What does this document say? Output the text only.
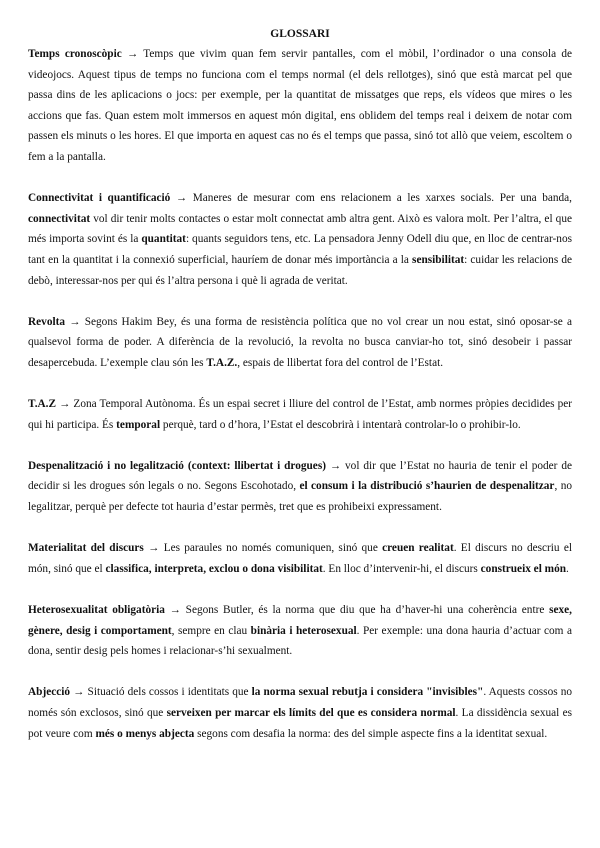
GLOSSARI

Temps cronoscòpic → Temps que vivim quan fem servir pantalles, com el mòbil, l’ordinador o una consola de videojocs. Aquest tipus de temps no funciona com el temps normal (el dels rellotges), sinó que està marcat pel que passa dins de les aplicacions o jocs: per exemple, per la quantitat de missatges que reps, els vídeos que mires o les accions que fas. Quan estem molt immersos en aquest món digital, ens oblidem del temps real i deixem de notar com passen els minuts o les hores. El que importa en aquest cas no és el temps que passa, sinó tot allò que veiem, escoltem o fem a la pantalla.

Connectivitat i quantificació → Maneres de mesurar com ens relacionem a les xarxes socials. Per una banda, connectivitat vol dir tenir molts contactes o estar molt connectat amb altra gent. Això es valora molt. Per l’altra, el que més importa sovint és la quantitat: quants seguidors tens, etc. La pensadora Jenny Odell diu que, en lloc de centrar-nos tant en la quantitat i la connexió superficial, hauríem de donar més importància a la sensibilitat: cuidar les relacions de debò, interessar-nos per qui és l’altra persona i què li agrada de veritat.

Revolta → Segons Hakim Bey, és una forma de resistència política que no vol crear un nou estat, sinó oposar-se a qualsevol forma de poder. A diferència de la revolució, la revolta no busca canviar-ho tot, sinó desobeir i passar desapercebuda. L’exemple clau són les T.A.Z., espais de llibertat fora del control de l’Estat.

T.A.Z → Zona Temporal Autònoma. És un espai secret i lliure del control de l’Estat, amb normes pròpies decidides per qui hi participa. És temporal perquè, tard o d’hora, l’Estat el descobrirà i intentarà controlar-lo o prohibir-lo.

Despenalització i no legalització (context: llibertat i drogues) → vol dir que l’Estat no hauria de tenir el poder de decidir si les drogues són legals o no. Segons Escohotado, el consum i la distribució s’haurien de despenalitzar, no legalitzar, perquè per defecte tot hauria d’estar permès, tret que es prohibeixi expressament.

Materialitat del discurs → Les paraules no només comuniquen, sinó que creuen realitat. El discurs no descriu el món, sinó que el classifica, interpreta, exclou o dona visibilitat. En lloc d’intervenir-hi, el discurs construeix el món.

Heterosexualitat obligatòria → Segons Butler, és la norma que diu que ha d’haver-hi una coherència entre sexe, gènere, desig i comportament, sempre en clau binària i heterosexual. Per exemple: una dona hauria d’actuar com a dona, sentir desig pels homes i relacionar-s’hi sexualment.

Abjecció → Situació dels cossos i identitats que la norma sexual rebutja i considera "invisibles". Aquests cossos no només són exclosos, sinó que serveixen per marcar els límits del que es considera normal. La dissidència sexual es pot veure com més o menys abjecta segons com desafia la norma: des del simple aspecte fins a la identitat sexual.
